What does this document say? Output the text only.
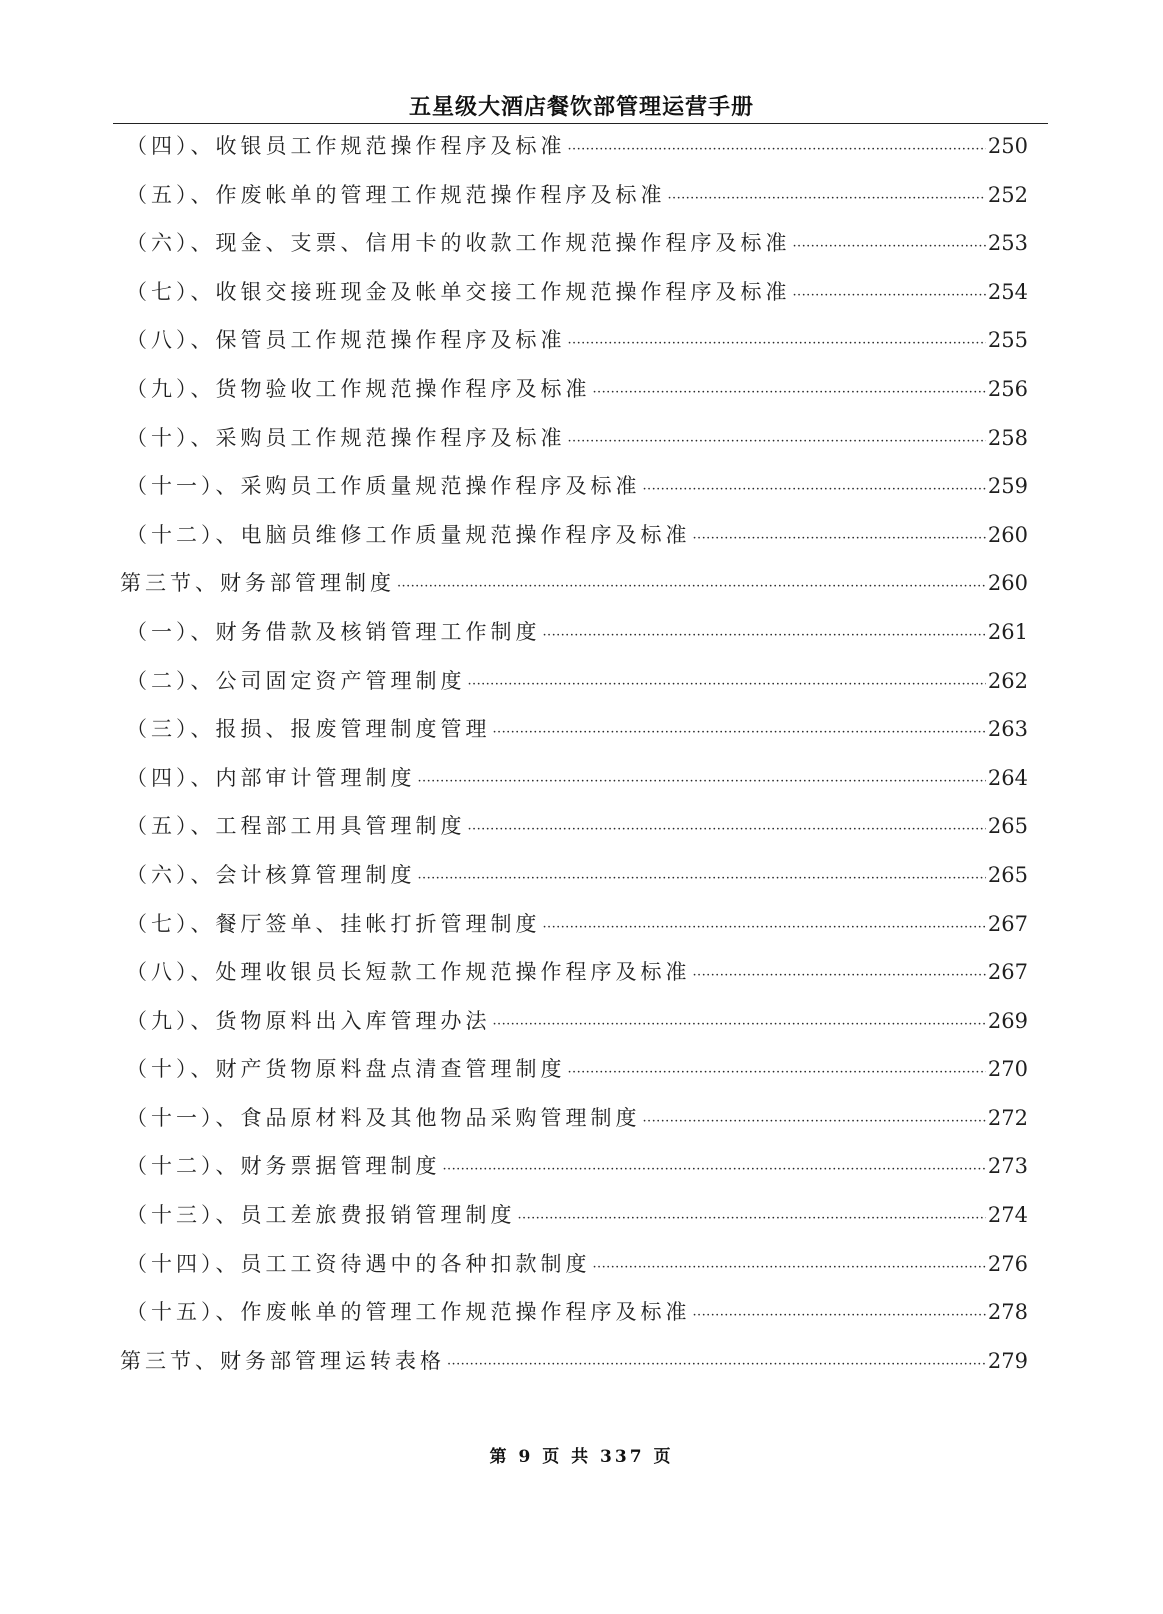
五星级大酒店餐饮部管理运营手册
（四）、收银员工作规范操作程序及标准 ·····	250
（五）、作废帐单的管理工作规范操作程序及标准 ·····	252
（六）、现金、支票、信用卡的收款工作规范操作程序及标准 ·····	253
（七）、收银交接班现金及帐单交接工作规范操作程序及标准 ·····	254
（八）、保管员工作规范操作程序及标准 ·····	255
（九）、货物验收工作规范操作程序及标准 ·····	256
（十）、采购员工作规范操作程序及标准 ·····	258
（十一）、采购员工作质量规范操作程序及标准 ·····	259
（十二）、电脑员维修工作质量规范操作程序及标准 ·····	260
第三节、财务部管理制度 ·····	260
（一）、财务借款及核销管理工作制度 ·····	261
（二）、公司固定资产管理制度 ·····	262
（三）、报损、报废管理制度管理 ·····	263
（四）、内部审计管理制度 ·····	264
（五）、工程部工用具管理制度 ·····	265
（六）、会计核算管理制度 ·····	265
（七）、餐厅签单、挂帐打折管理制度 ·····	267
（八）、处理收银员长短款工作规范操作程序及标准 ·····	267
（九）、货物原料出入库管理办法 ·····	269
（十）、财产货物原料盘点清查管理制度 ·····	270
（十一）、食品原材料及其他物品采购管理制度 ·····	272
（十二）、财务票据管理制度 ·····	273
（十三）、员工差旅费报销管理制度 ·····	274
（十四）、员工工资待遇中的各种扣款制度 ·····	276
（十五）、作废帐单的管理工作规范操作程序及标准 ·····	278
第三节、财务部管理运转表格 ·····	279
第 9 页 共 337 页
